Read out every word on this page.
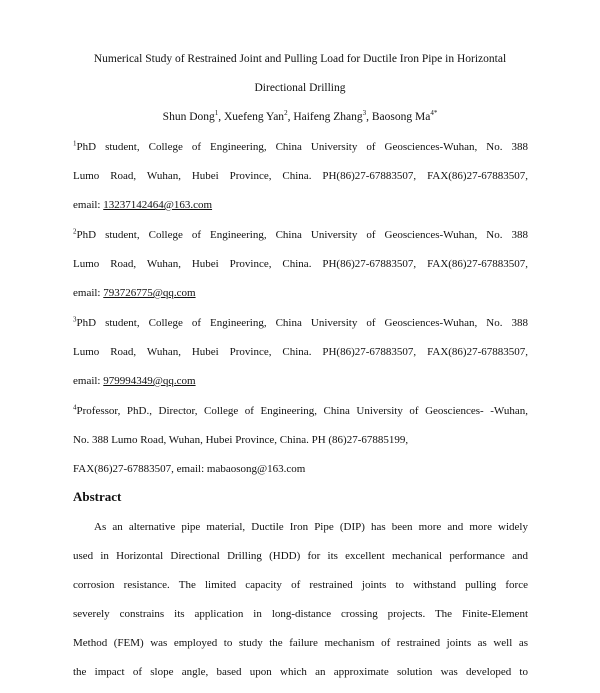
Numerical Study of Restrained Joint and Pulling Load for Ductile Iron Pipe in Horizontal
Directional Drilling
Shun Dong$^1$, Xuefeng Yan$^2$, Haifeng Zhang$^3$, Baosong $Ma^{4*}$
$^1$PhD student, College of Engineering, China University of Geosciences-Wuhan, No. 388
Lumo Road, Wuhan, Hubei Province, China. PH(86)27-67883507, FAX(86)27-67883507,
email: 13237142464@163.com
$^2$PhD student, College of Engineering, China University of Geosciences-Wuhan, No. 388
Lumo Road, Wuhan, Hubei Province, China. PH(86)27-67883507, FAX(86)27-67883507,
email: 793726775@qq.com
$^3$PhD student, College of Engineering, China University of Geosciences-Wuhan, No. 388
Lumo Road, Wuhan, Hubei Province, China. PH(86)27-67883507, FAX(86)27-67883507,
email: 979994349@qq.com
$^4$Professor, PhD., Director, College of Engineering, China University of Geosciences- -Wuhan,
No. 388 Lumo Road, Wuhan, Hubei Province, China. PH (86)27-67885199,
FAX(86)27-67883507, email: mabaosong@163.com
Abstract
As an alternative pipe material, Ductile Iron Pipe (DIP) has been more and more widely
used in Horizontal Directional Drilling (HDD) for its excellent mechanical performance and
corrosion resistance. The limited capacity of restrained joints to withstand pulling force
severely constrains its application in long-distance crossing projects. The Finite-Element
Method (FEM) was employed to study the failure mechanism of restrained joints as well as
the impact of slope angle, based upon which an approximate solution was developed to
